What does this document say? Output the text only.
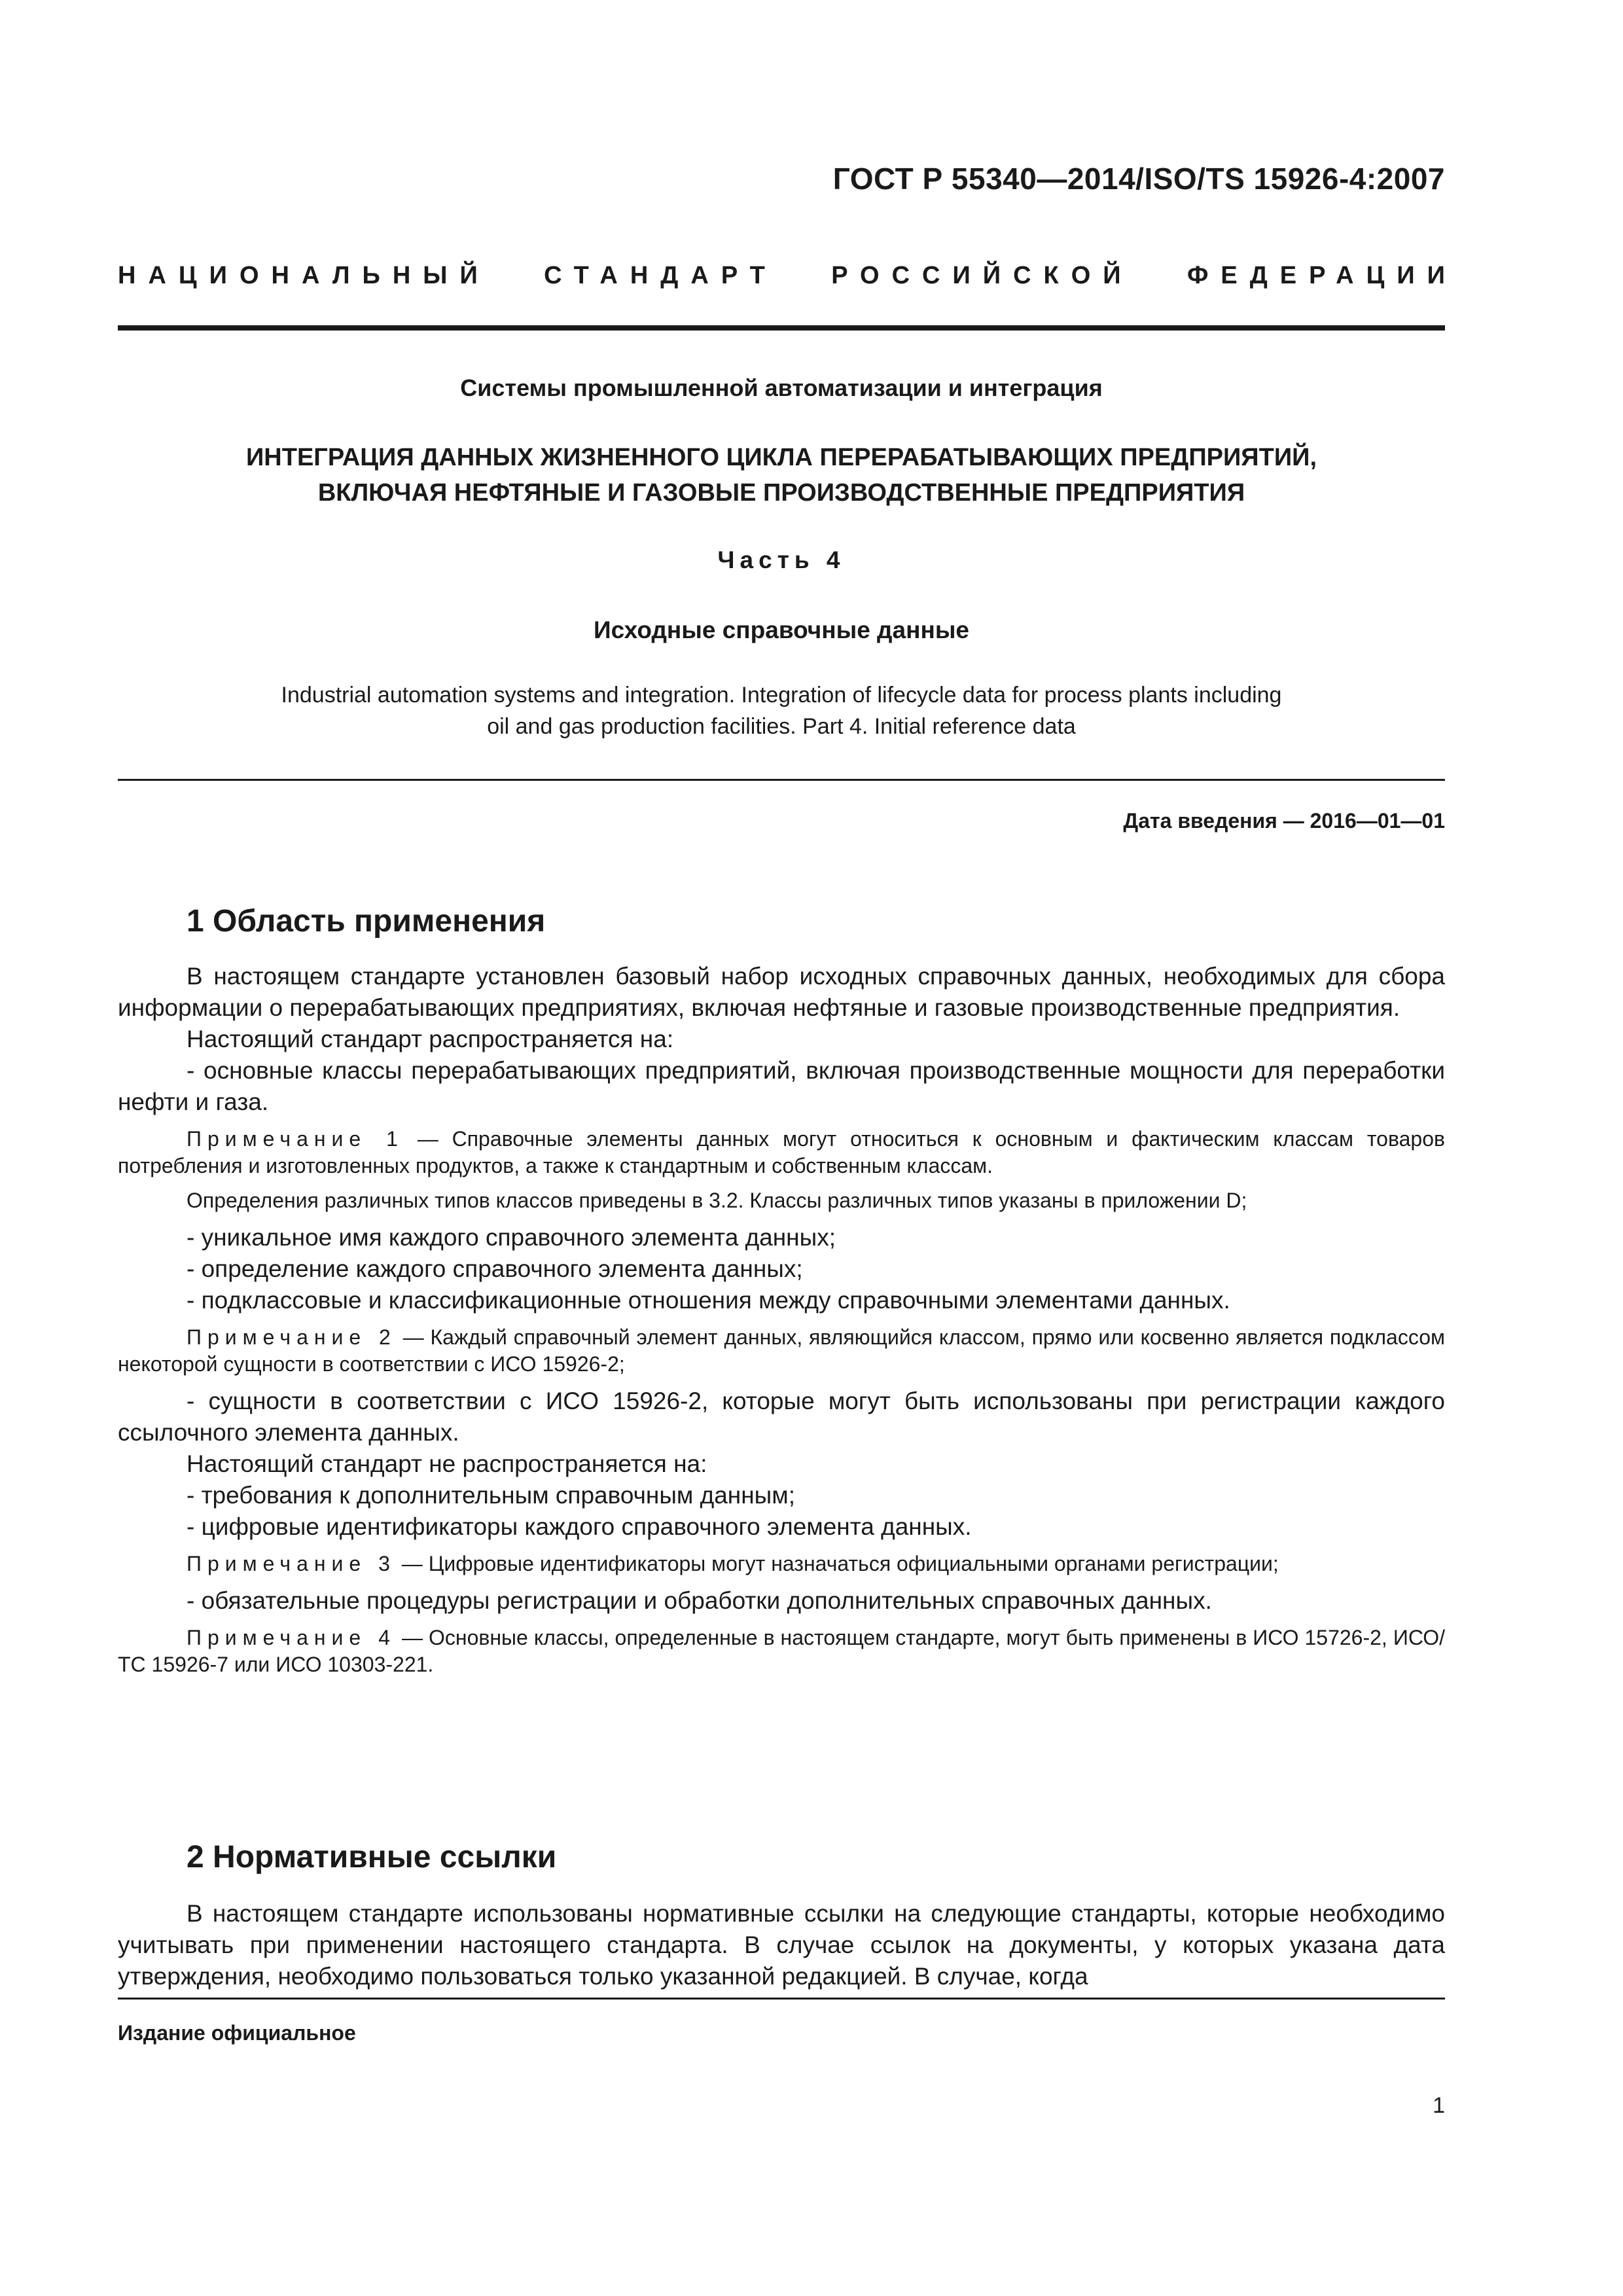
ГОСТ Р 55340—2014/ISO/TS 15926-4:2007
НАЦИОНАЛЬНЫЙ СТАНДАРТ РОССИЙСКОЙ ФЕДЕРАЦИИ
Системы промышленной автоматизации и интеграция
ИНТЕГРАЦИЯ ДАННЫХ ЖИЗНЕННОГО ЦИКЛА ПЕРЕРАБАТЫВАЮЩИХ ПРЕДПРИЯТИЙ,
ВКЛЮЧАЯ НЕФТЯНЫЕ И ГАЗОВЫЕ ПРОИЗВОДСТВЕННЫЕ ПРЕДПРИЯТИЯ
Часть 4
Исходные справочные данные
Industrial automation systems and integration. Integration of lifecycle data for process plants including
oil and gas production facilities. Part 4. Initial reference data
Дата введения — 2016—01—01
1 Область применения

В настоящем стандарте установлен базовый набор исходных справочных данных, необходимых для сбора информации о перерабатывающих предприятиях, включая нефтяные и газовые производственные предприятия.

Настоящий стандарт распространяется на:

- основные классы перерабатывающих предприятий, включая производственные мощности для переработки нефти и газа.

Примечание 1 — Справочные элементы данных могут относиться к основным и фактическим классам товаров потребления и изготовленных продуктов, а также к стандартным и собственным классам.

Определения различных типов классов приведены в 3.2. Классы различных типов указаны в приложении D;

- уникальное имя каждого справочного элемента данных;

- определение каждого справочного элемента данных;

- подклассовые и классификационные отношения между справочными элементами данных.

Примечание 2 — Каждый справочный элемент данных, являющийся классом, прямо или косвенно является подклассом некоторой сущности в соответствии с ИСО 15926-2;

- сущности в соответствии с ИСО 15926-2, которые могут быть использованы при регистрации каждого ссылочного элемента данных.

Настоящий стандарт не распространяется на:

- требования к дополнительным справочным данным;

- цифровые идентификаторы каждого справочного элемента данных.

Примечание 3 — Цифровые идентификаторы могут назначаться официальными органами регистрации;

- обязательные процедуры регистрации и обработки дополнительных справочных данных.

Примечание 4 — Основные классы, определенные в настоящем стандарте, могут быть применены в ИСО 15726-2, ИСО/ТС 15926-7 или ИСО 10303-221.

2 Нормативные ссылки

В настоящем стандарте использованы нормативные ссылки на следующие стандарты, которые необходимо учитывать при применении настоящего стандарта. В случае ссылок на документы, у которых указана дата утверждения, необходимо пользоваться только указанной редакцией. В случае, когда

Издание официальное
1
